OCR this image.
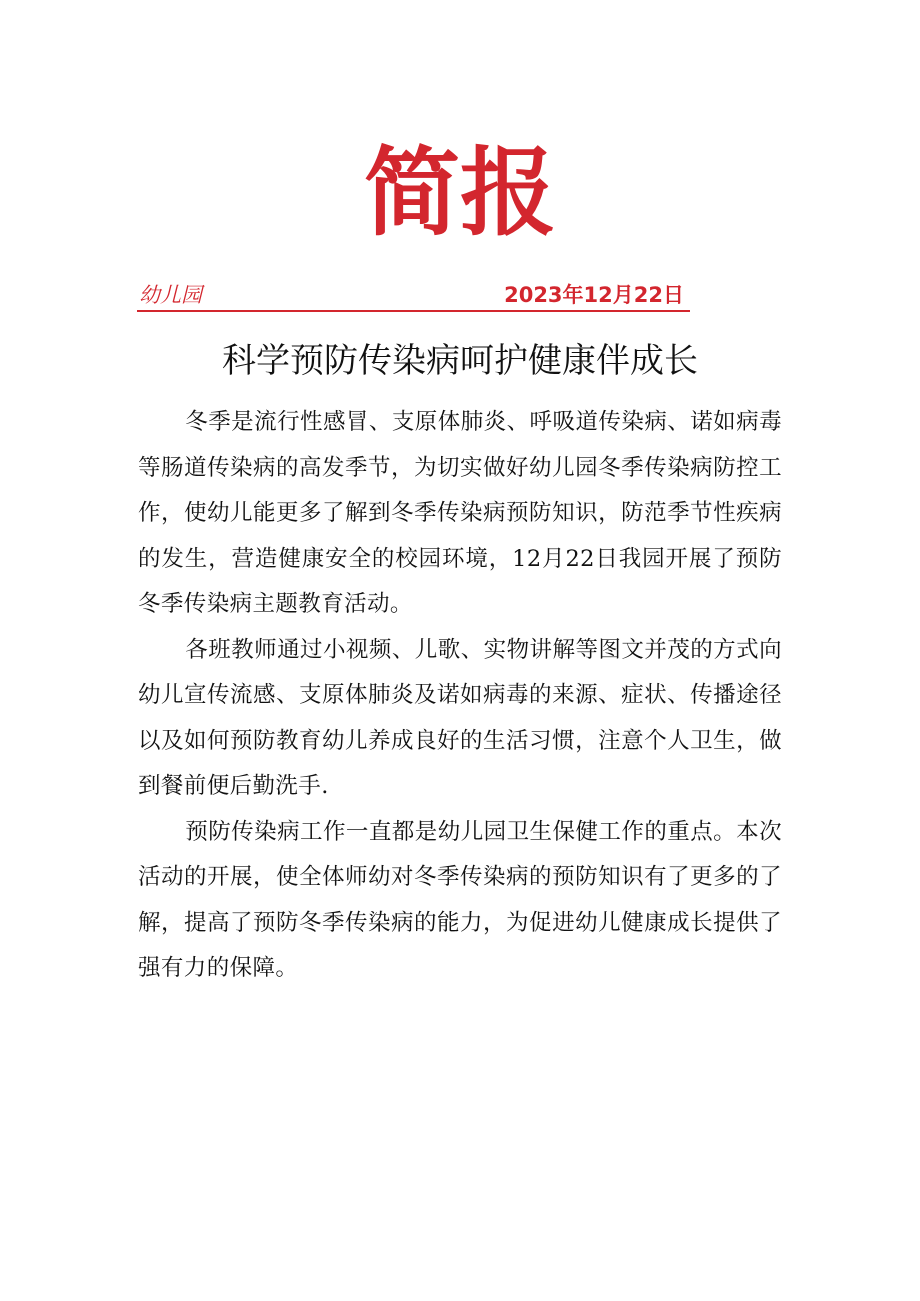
简报
幼儿园	2023年12月22日
科学预防传染病呵护健康伴成长

冬季是流行性感冒、支原体肺炎、呼吸道传染病、诺如病毒等肠道传染病的高发季节，为切实做好幼儿园冬季传染病防控工作，使幼儿能更多了解到冬季传染病预防知识，防范季节性疾病的发生，营造健康安全的校园环境，12月22日我园开展了预防冬季传染病主题教育活动。

各班教师通过小视频、儿歌、实物讲解等图文并茂的方式向幼儿宣传流感、支原体肺炎及诺如病毒的来源、症状、传播途径以及如何预防教育幼儿养成良好的生活习惯，注意个人卫生，做到餐前便后勤洗手.

预防传染病工作一直都是幼儿园卫生保健工作的重点。本次活动的开展，使全体师幼对冬季传染病的预防知识有了更多的了解，提高了预防冬季传染病的能力，为促进幼儿健康成长提供了强有力的保障。
